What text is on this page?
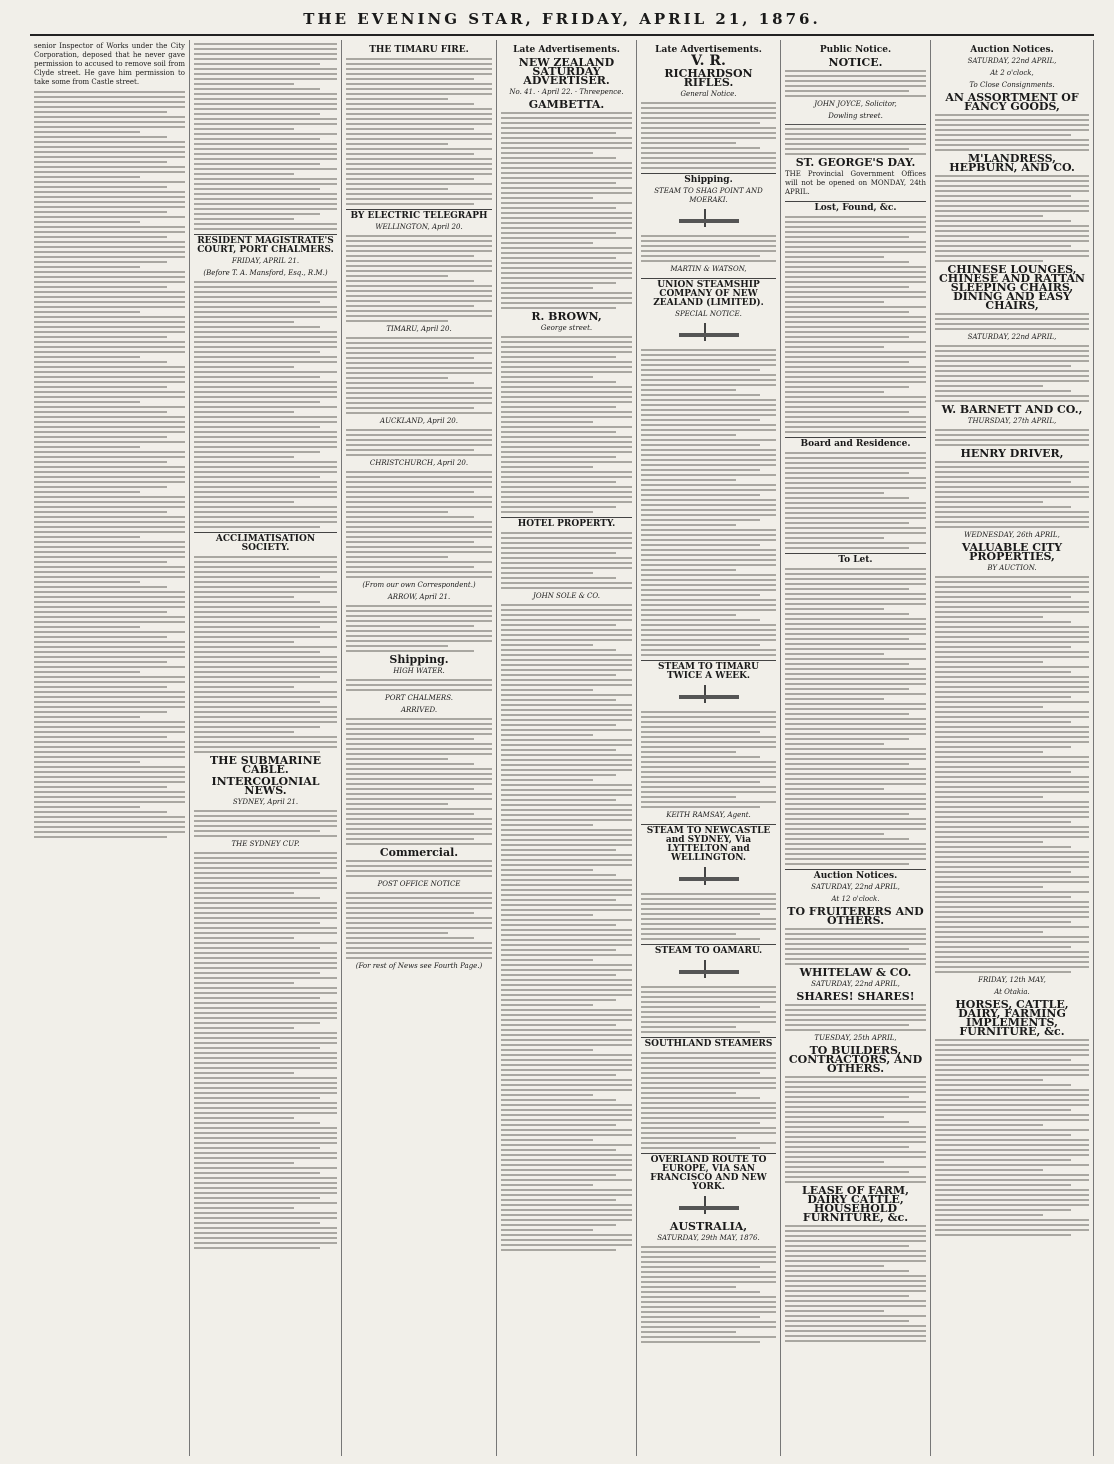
THE EVENING STAR, FRIDAY, APRIL 21, 1876.
senior Inspector of Works under the City Corporation, deposed that he never gave permission to accused to remove soil from Clyde street. He gave him permission to take some from Castle street.
RESIDENT MAGISTRATE'S COURT, PORT CHALMERS.
FRIDAY, APRIL 21.
(Before T. A. Mansford, Esq., R.M.)
ACCLIMATISATION SOCIETY.
THE SUBMARINE CABLE.
INTERCOLONIAL NEWS.
SYDNEY, April 21.
THE SYDNEY CUP.
THE TIMARU FIRE.
BY ELECTRIC TELEGRAPH
WELLINGTON, April 20.
TIMARU, April 20.
AUCKLAND, April 20.
CHRISTCHURCH, April 20.
(From our own Correspondent.)
ARROW, April 21.
Shipping.
HIGH WATER.
PORT CHALMERS.
ARRIVED.
Commercial.
POST OFFICE NOTICE
(For rest of News see Fourth Page.)
Late Advertisements.
NEW ZEALAND SATURDAY ADVERTISER.
No. 41. · April 22. · Threepence.
GAMBETTA.
R. BROWN,
George street.
HOTEL PROPERTY.
JOHN SOLE & CO.
Late Advertisements.
V. R.
RICHARDSON RIFLES.
General Notice.
Shipping.
STEAM TO SHAG POINT AND MOERAKI.
MARTIN & WATSON,
UNION STEAMSHIP COMPANY OF NEW ZEALAND (LIMITED).
SPECIAL NOTICE.
STEAM TO TIMARU TWICE A WEEK.
KEITH RAMSAY, Agent.
STEAM TO NEWCASTLE and SYDNEY, Via LYTTELTON and WELLINGTON.
STEAM TO OAMARU.
SOUTHLAND STEAMERS
OVERLAND ROUTE TO EUROPE, VIA SAN FRANCISCO AND NEW YORK.
AUSTRALIA,
SATURDAY, 29th MAY, 1876.
Public Notice.
NOTICE.
JOHN JOYCE, Solicitor,
Dowling street.
ST. GEORGE'S DAY.
THE Provincial Government Offices will not be opened on MONDAY, 24th APRIL.
Lost, Found, &c.
Board and Residence.
To Let.
Auction Notices.
SATURDAY, 22nd APRIL,
At 12 o'clock.
TO FRUITERERS AND OTHERS.
WHITELAW & CO.
SATURDAY, 22nd APRIL,
SHARES! SHARES!
TUESDAY, 25th APRIL,
TO BUILDERS, CONTRACTORS, AND OTHERS.
LEASE OF FARM, DAIRY CATTLE, HOUSEHOLD FURNITURE, &c.
Auction Notices.
SATURDAY, 22nd APRIL,
At 2 o'clock,
To Close Consignments.
AN ASSORTMENT OF FANCY GOODS,
M'LANDRESS, HEPBURN, AND CO.
CHINESE LOUNGES, CHINESE AND RATTAN SLEEPING CHAIRS, DINING AND EASY CHAIRS,
SATURDAY, 22nd APRIL,
W. BARNETT AND CO.,
THURSDAY, 27th APRIL,
HENRY DRIVER,
WEDNESDAY, 26th APRIL,
VALUABLE CITY PROPERTIES,
BY AUCTION.
FRIDAY, 12th MAY,
At Otakia.
HORSES, CATTLE, DAIRY, FARMING IMPLEMENTS, FURNITURE, &c.
